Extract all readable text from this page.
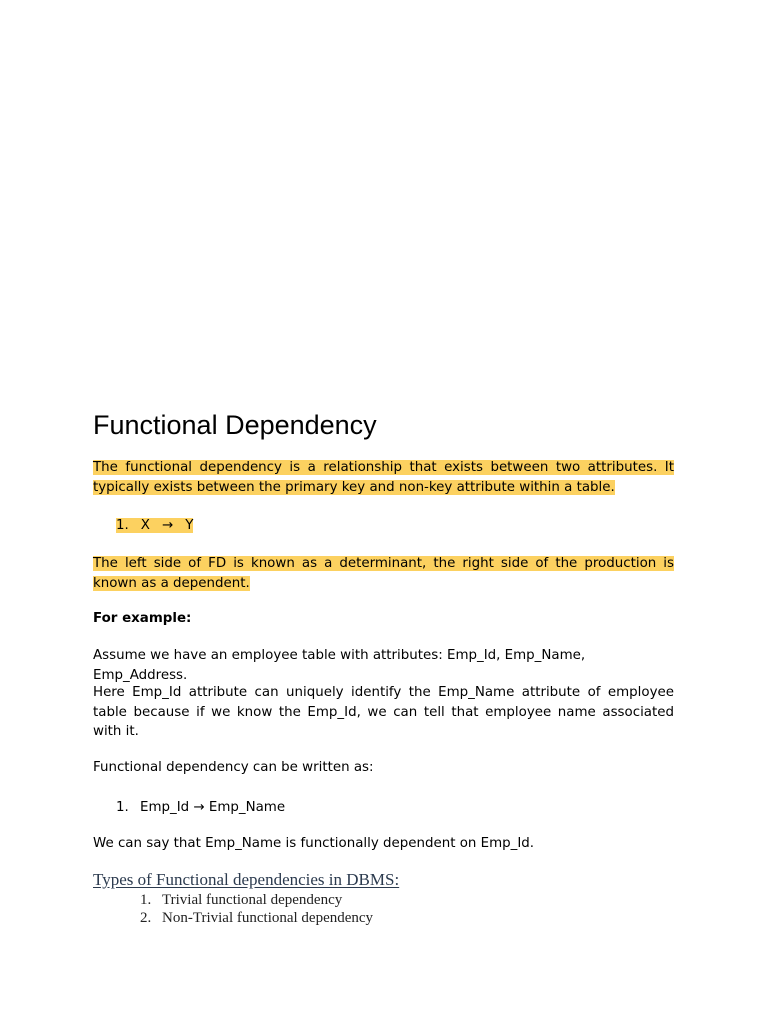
Functional Dependency

The functional dependency is a relationship that exists between two attributes. It typically exists between the primary key and non-key attribute within a table.

1. X → Y

The left side of FD is known as a determinant, the right side of the production is known as a dependent.

For example:

Assume we have an employee table with attributes: Emp_Id, Emp_Name, Emp_Address.

Here Emp_Id attribute can uniquely identify the Emp_Name attribute of employee table because if we know the Emp_Id, we can tell that employee name associated with it.

Functional dependency can be written as:

1. Emp_Id → Emp_Name

We can say that Emp_Name is functionally dependent on Emp_Id.

Types of Functional dependencies in DBMS:

1. Trivial functional dependency
2. Non-Trivial functional dependency
